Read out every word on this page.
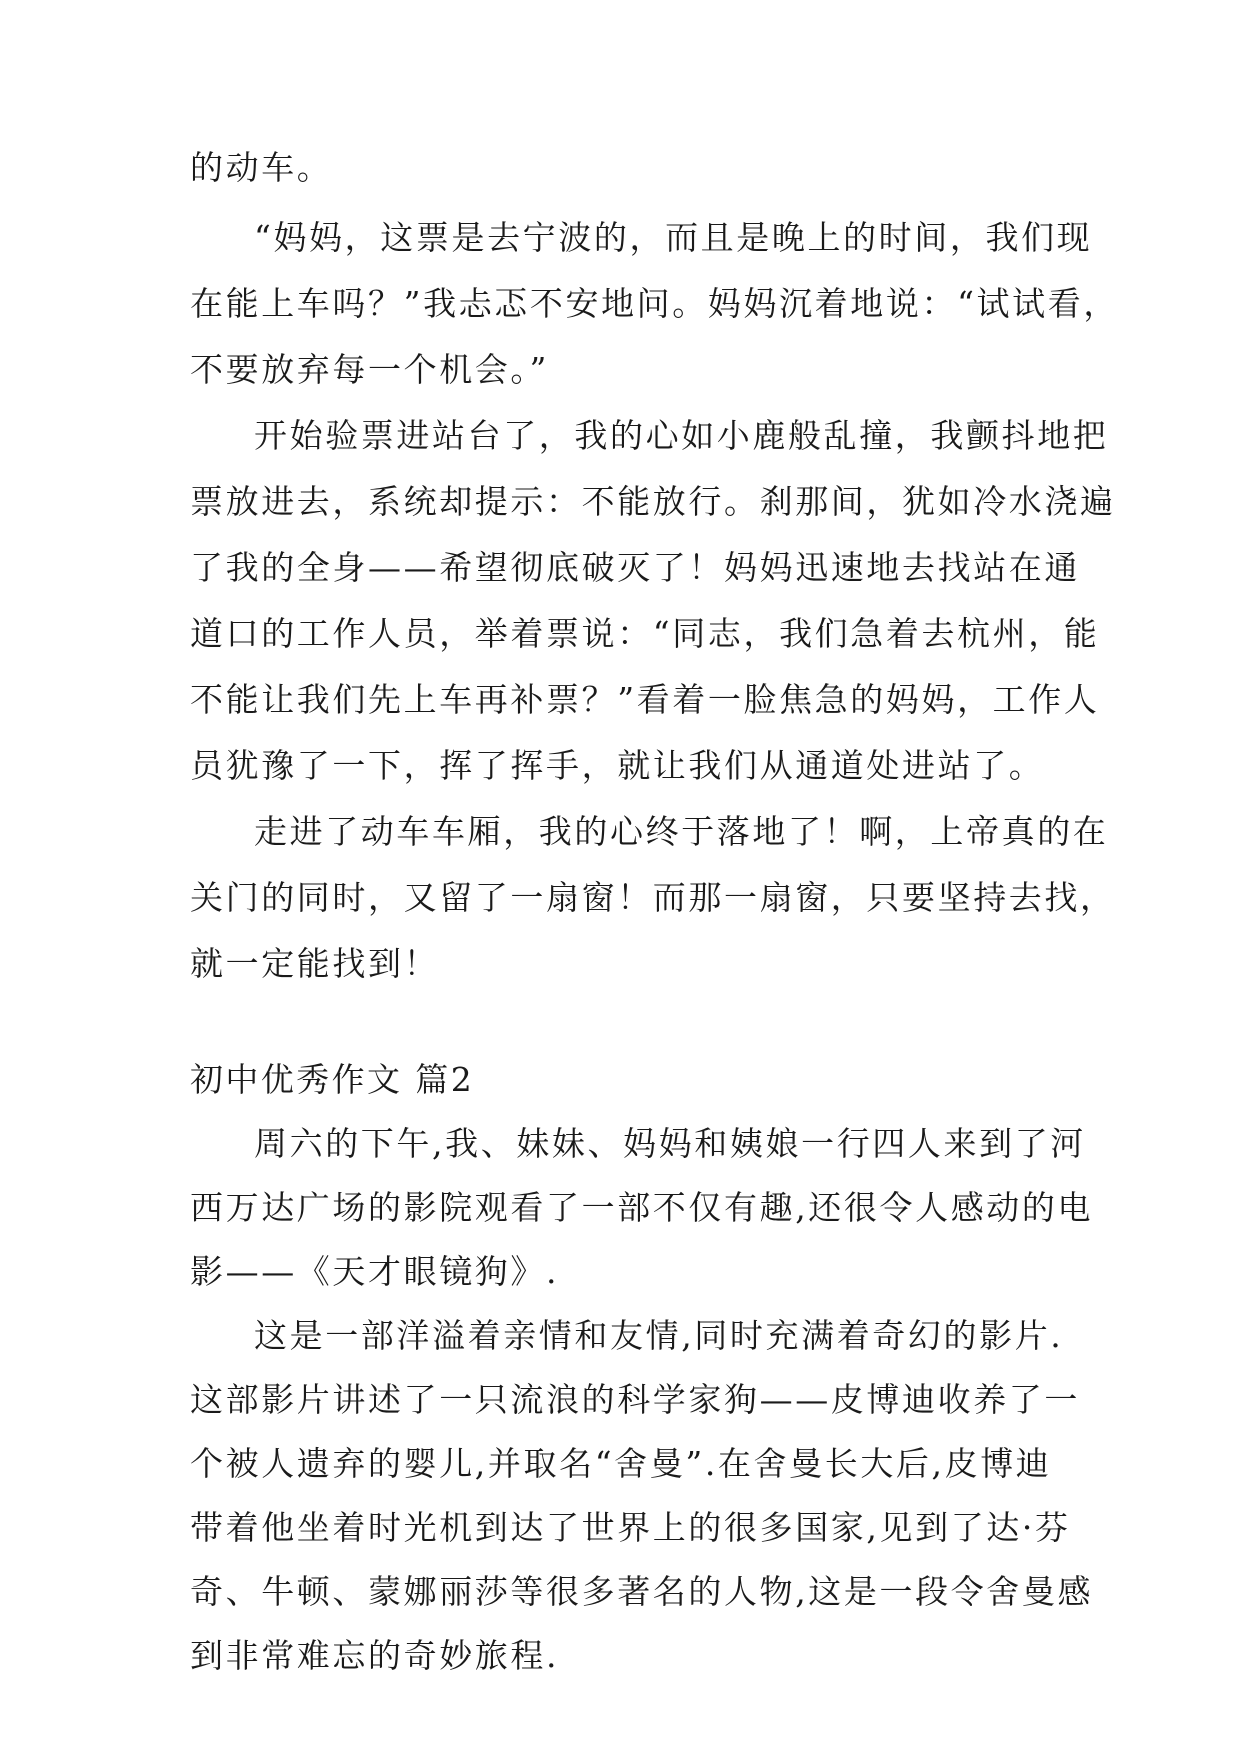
的动车。
“妈妈，这票是去宁波的，而且是晚上的时间，我们现
在能上车吗？”我忐忑不安地问。妈妈沉着地说：“试试看，
不要放弃每一个机会。”
开始验票进站台了，我的心如小鹿般乱撞，我颤抖地把
票放进去，系统却提示：不能放行。刹那间，犹如冷水浇遍
了我的全身——希望彻底破灭了！妈妈迅速地去找站在通
道口的工作人员，举着票说：“同志，我们急着去杭州，能
不能让我们先上车再补票？”看着一脸焦急的妈妈，工作人
员犹豫了一下，挥了挥手，就让我们从通道处进站了。
走进了动车车厢，我的心终于落地了！啊，上帝真的在
关门的同时，又留了一扇窗！而那一扇窗，只要坚持去找，
就一定能找到！
初中优秀作文 篇2
周六的下午,我、妹妹、妈妈和姨娘一行四人来到了河
西万达广场的影院观看了一部不仅有趣,还很令人感动的电
影——《天才眼镜狗》.
这是一部洋溢着亲情和友情,同时充满着奇幻的影片.
这部影片讲述了一只流浪的科学家狗——皮博迪收养了一
个被人遗弃的婴儿,并取名“舍曼”.在舍曼长大后,皮博迪
带着他坐着时光机到达了世界上的很多国家,见到了达·芬
奇、牛顿、蒙娜丽莎等很多著名的人物,这是一段令舍曼感
到非常难忘的奇妙旅程.
